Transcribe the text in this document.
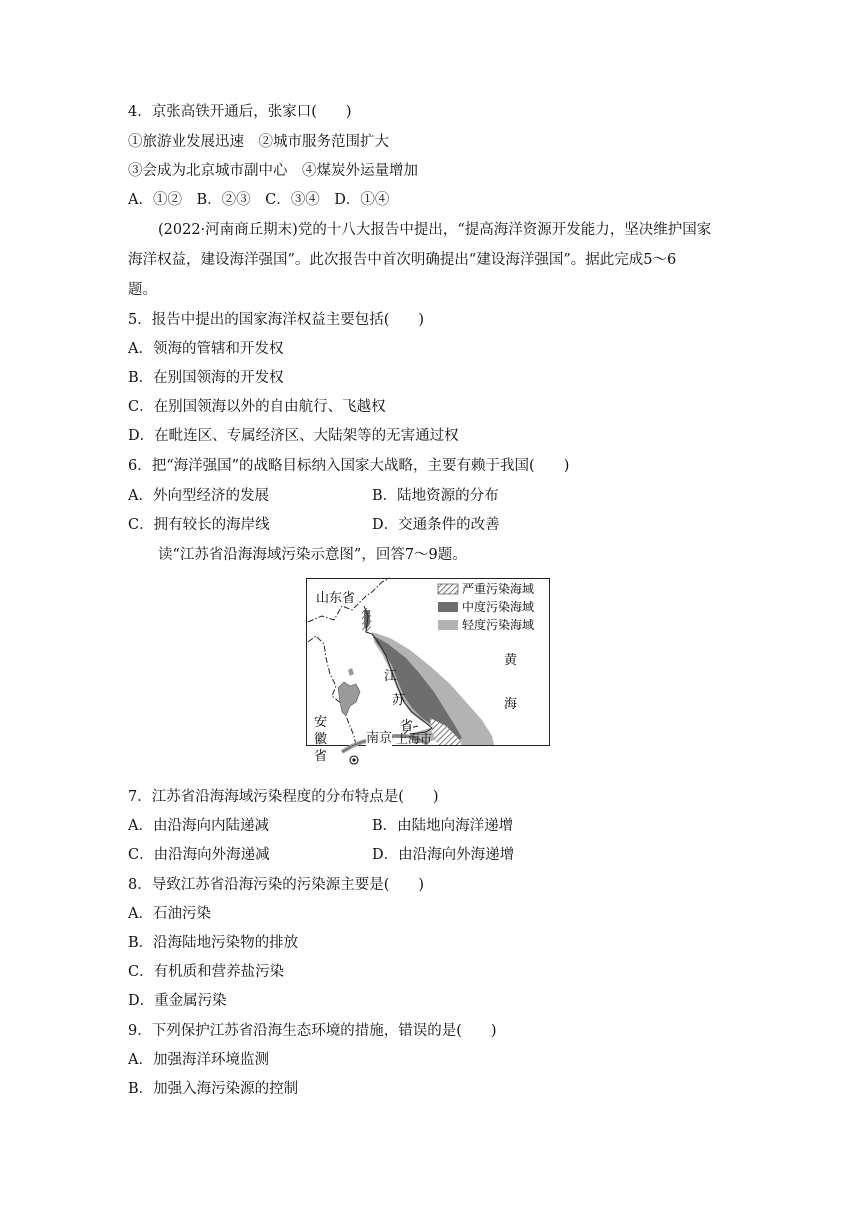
4．京张高铁开通后，张家口(　　)
①旅游业发展迅速　②城市服务范围扩大
③会成为北京城市副中心　④煤炭外运量增加
A．①②　B．②③　C．③④　D．①④
(2022·河南商丘期末)党的十八大报告中提出，“提高海洋资源开发能力，坚决维护国家
海洋权益，建设海洋强国”。此次报告中首次明确提出“建设海洋强国”。据此完成5～6
题。
5．报告中提出的国家海洋权益主要包括(　　)
A．领海的管辖和开发权
B．在别国领海的开发权
C．在别国领海以外的自由航行、飞越权
D．在毗连区、专属经济区、大陆架等的无害通过权
6．把“海洋强国”的战略目标纳入国家大战略，主要有赖于我国(　　)
A．外向型经济的发展	B．陆地资源的分布
C．拥有较长的海岸线	D．交通条件的改善
读“江苏省沿海海域污染示意图”，回答7～9题。
山东省
江
苏
省
安
徽
省
黄
海
严重污染海域
中度污染海域
轻度污染海域
南京 上海市
7．江苏省沿海海域污染程度的分布特点是(　　)
A．由沿海向内陆递减	B．由陆地向海洋递增
C．由沿海向外海递减	D．由沿海向外海递增
8．导致江苏省沿海污染的污染源主要是(　　)
A．石油污染
B．沿海陆地污染物的排放
C．有机质和营养盐污染
D．重金属污染
9．下列保护江苏省沿海生态环境的措施，错误的是(　　)
A．加强海洋环境监测
B．加强入海污染源的控制
